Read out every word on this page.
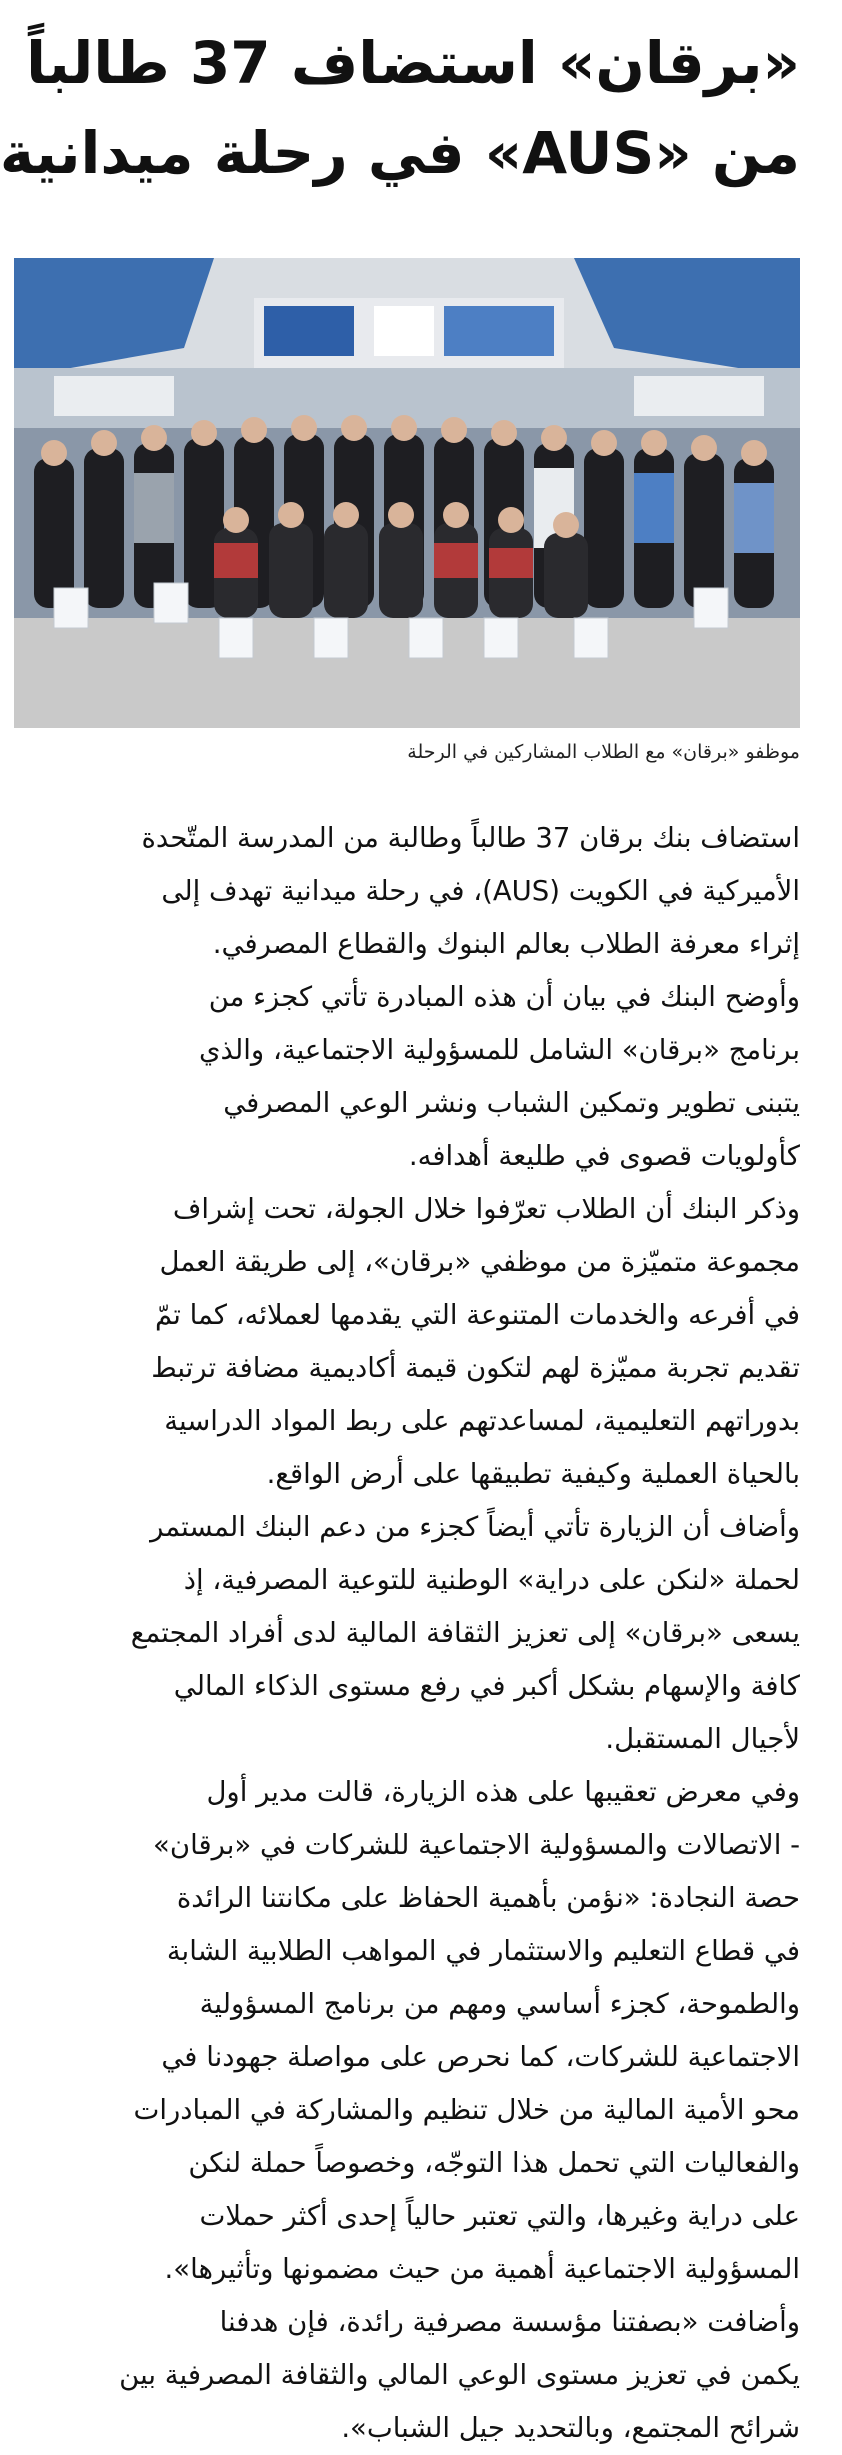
«برقان» استضاف 37 طالباً
من «AUS» في رحلة ميدانية
موظفو «برقان» مع الطلاب المشاركين في الرحلة
استضاف بنك برقان 37 طالباً وطالبة من المدرسة المتّحدة
الأميركية في الكويت (AUS)، في رحلة ميدانية تهدف إلى
إثراء معرفة الطلاب بعالم البنوك والقطاع المصرفي.
وأوضح البنك في بيان أن هذه المبادرة تأتي كجزء من
برنامج «برقان» الشامل للمسؤولية الاجتماعية، والذي
يتبنى تطوير وتمكين الشباب ونشر الوعي المصرفي
كأولويات قصوى في طليعة أهدافه.
وذكر البنك أن الطلاب تعرّفوا خلال الجولة، تحت إشراف
مجموعة متميّزة من موظفي «برقان»، إلى طريقة العمل
في أفرعه والخدمات المتنوعة التي يقدمها لعملائه، كما تمّ
تقديم تجربة مميّزة لهم لتكون قيمة أكاديمية مضافة ترتبط
بدوراتهم التعليمية، لمساعدتهم على ربط المواد الدراسية
بالحياة العملية وكيفية تطبيقها على أرض الواقع.
وأضاف أن الزيارة تأتي أيضاً كجزء من دعم البنك المستمر
لحملة «لنكن على دراية» الوطنية للتوعية المصرفية، إذ
يسعى «برقان» إلى تعزيز الثقافة المالية لدى أفراد المجتمع
كافة والإسهام بشكل أكبر في رفع مستوى الذكاء المالي
لأجيال المستقبل.
وفي معرض تعقيبها على هذه الزيارة، قالت مدير أول
- الاتصالات والمسؤولية الاجتماعية للشركات في «برقان»
حصة النجادة: «نؤمن بأهمية الحفاظ على مكانتنا الرائدة
في قطاع التعليم والاستثمار في المواهب الطلابية الشابة
والطموحة، كجزء أساسي ومهم من برنامج المسؤولية
الاجتماعية للشركات، كما نحرص على مواصلة جهودنا في
محو الأمية المالية من خلال تنظيم والمشاركة في المبادرات
والفعاليات التي تحمل هذا التوجّه، وخصوصاً حملة لنكن
على دراية وغيرها، والتي تعتبر حالياً إحدى أكثر حملات
المسؤولية الاجتماعية أهمية من حيث مضمونها وتأثيرها».
وأضافت «بصفتنا مؤسسة مصرفية رائدة، فإن هدفنا
يكمن في تعزيز مستوى الوعي المالي والثقافة المصرفية بين
شرائح المجتمع، وبالتحديد جيل الشباب».
